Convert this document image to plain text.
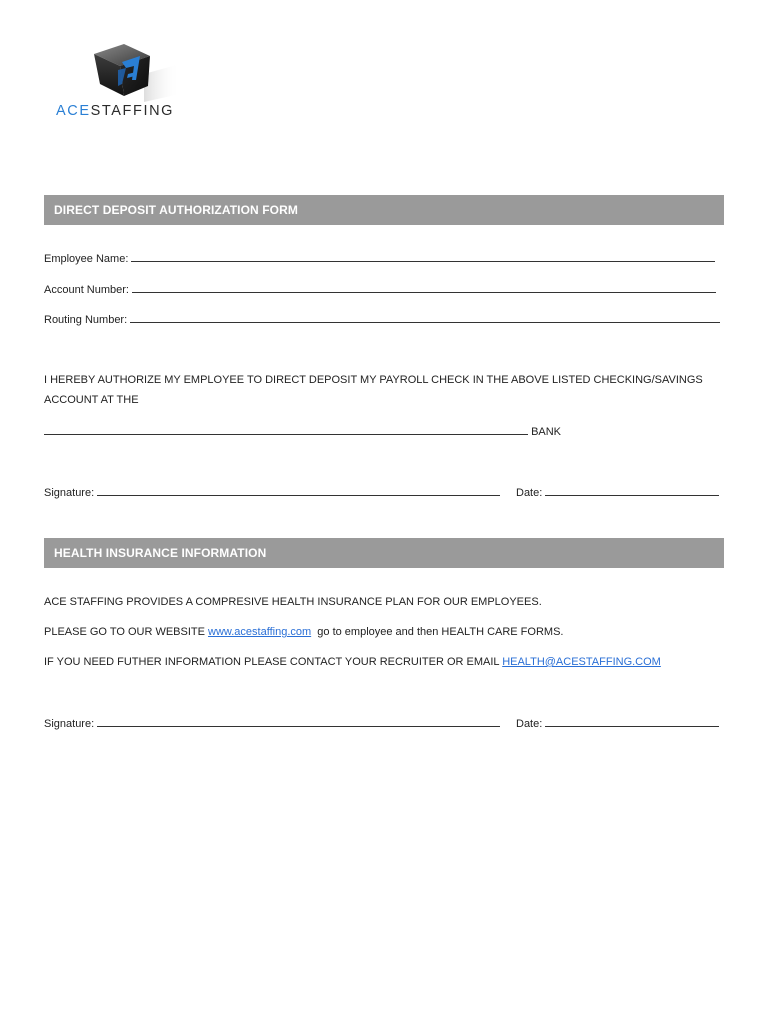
ACESTAFFING
DIRECT DEPOSIT AUTHORIZATION FORM
Employee Name:
Account Number:
Routing Number:
I HEREBY AUTHORIZE MY EMPLOYEE TO DIRECT DEPOSIT MY PAYROLL CHECK IN THE ABOVE LISTED CHECKING/SAVINGS ACCOUNT AT THE
BANK
Signature:	Date:
HEALTH INSURANCE INFORMATION
ACE STAFFING PROVIDES A COMPRESIVE HEALTH INSURANCE PLAN FOR OUR EMPLOYEES.
PLEASE GO TO OUR WEBSITE www.acestaffing.com go to employee and then HEALTH CARE FORMS.
IF YOU NEED FUTHER INFORMATION PLEASE CONTACT YOUR RECRUITER OR EMAIL HEALTH@ACESTAFFING.COM
Signature:	Date:
